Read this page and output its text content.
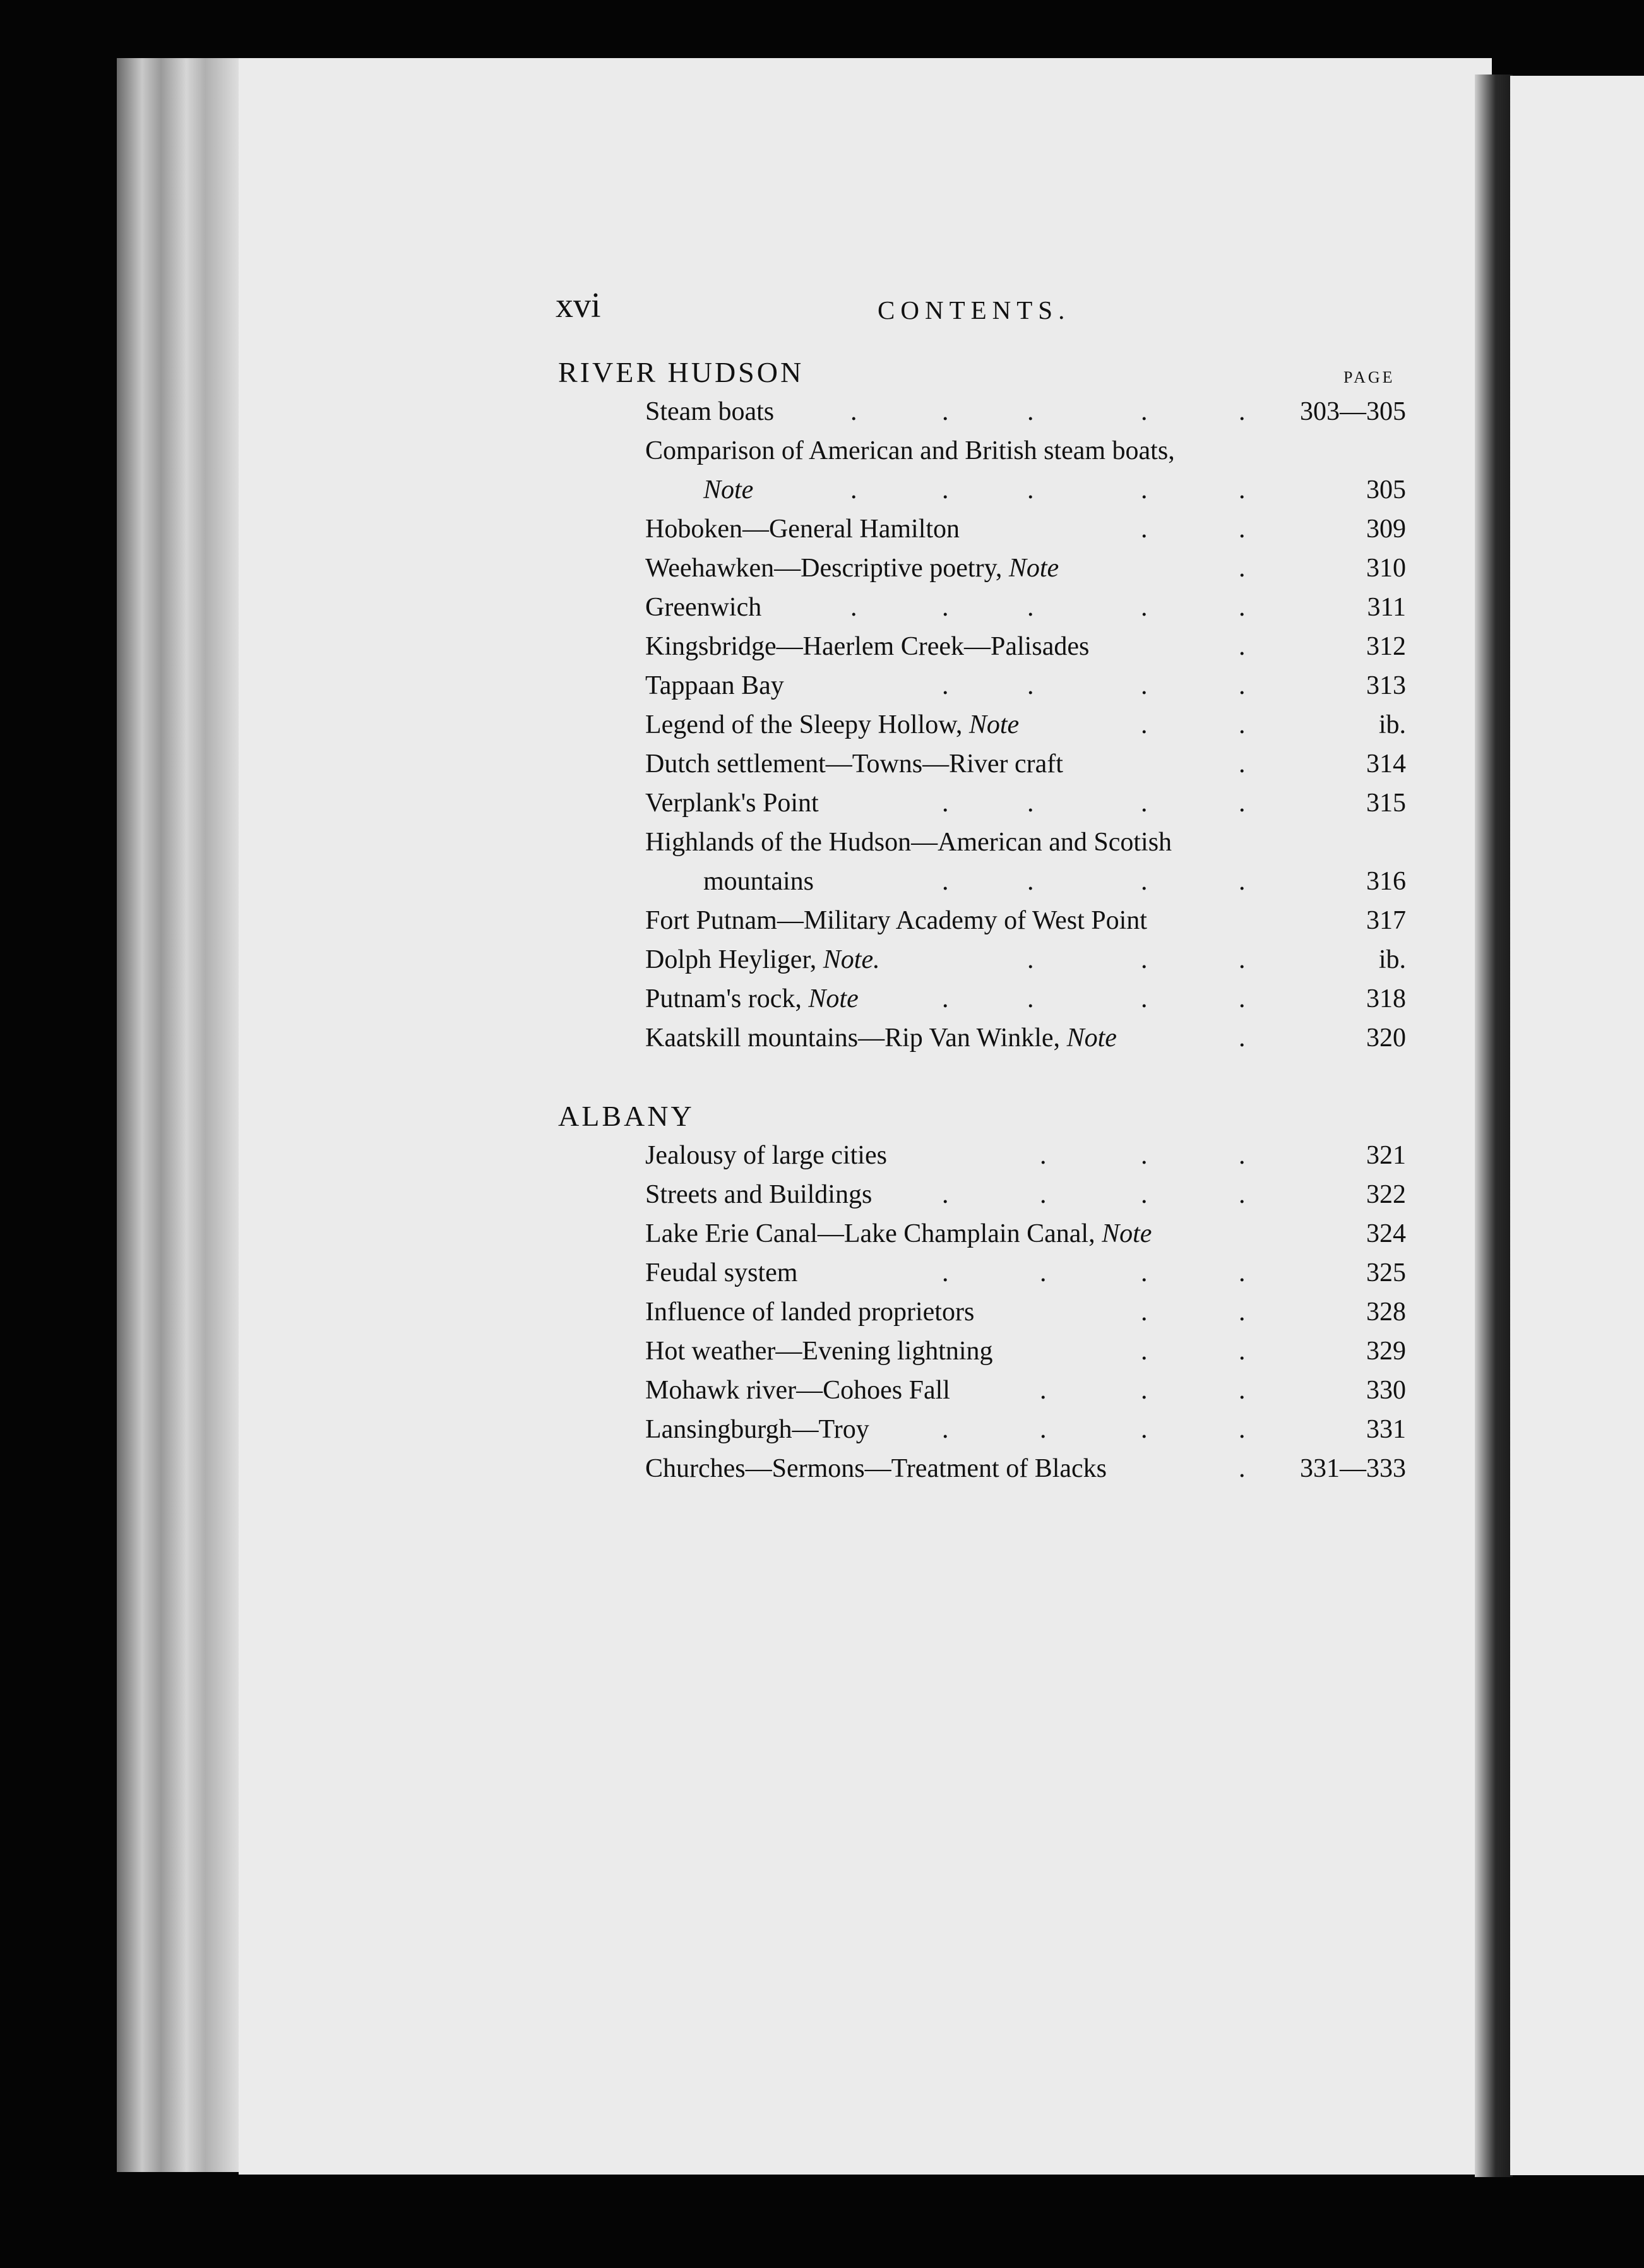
xvi	CONTENTS.
PAGE
RIVER HUDSON
Steam boats	.	.	.	.	. 303—305
Comparison of American and British steam boats,
Note	.	.	.	.	.	305
Hoboken—General Hamilton	.	.	309
Weehawken—Descriptive poetry, Note	.	310
Greenwich	.	.	.	.	.	311
Kingsbridge—Haerlem Creek—Palisades	.	312
Tappaan Bay	.	.	.	.	313
Legend of the Sleepy Hollow, Note	.	.	ib.
Dutch settlement—Towns—River craft	.	314
Verplank's Point	.	.	.	.	315
Highlands of the Hudson—American and Scotish
mountains	.	.	.	.	316
Fort Putnam—Military Academy of West Point	317
Dolph Heyliger, Note.	.	.	.	ib.
Putnam's rock, Note	.	.	.	.	318
Kaatskill mountains—Rip Van Winkle, Note	.	320
ALBANY
Jealousy of large cities	.	.	.	321
Streets and Buildings	.	.	.	.	322
Lake Erie Canal—Lake Champlain Canal, Note	324
Feudal system	.	.	.	.	325
Influence of landed proprietors	.	.	328
Hot weather—Evening lightning	.	.	329
Mohawk river—Cohoes Fall	.	.	.	330
Lansingburgh—Troy	.	.	.	.	331
Churches—Sermons—Treatment of Blacks	. 331—333
